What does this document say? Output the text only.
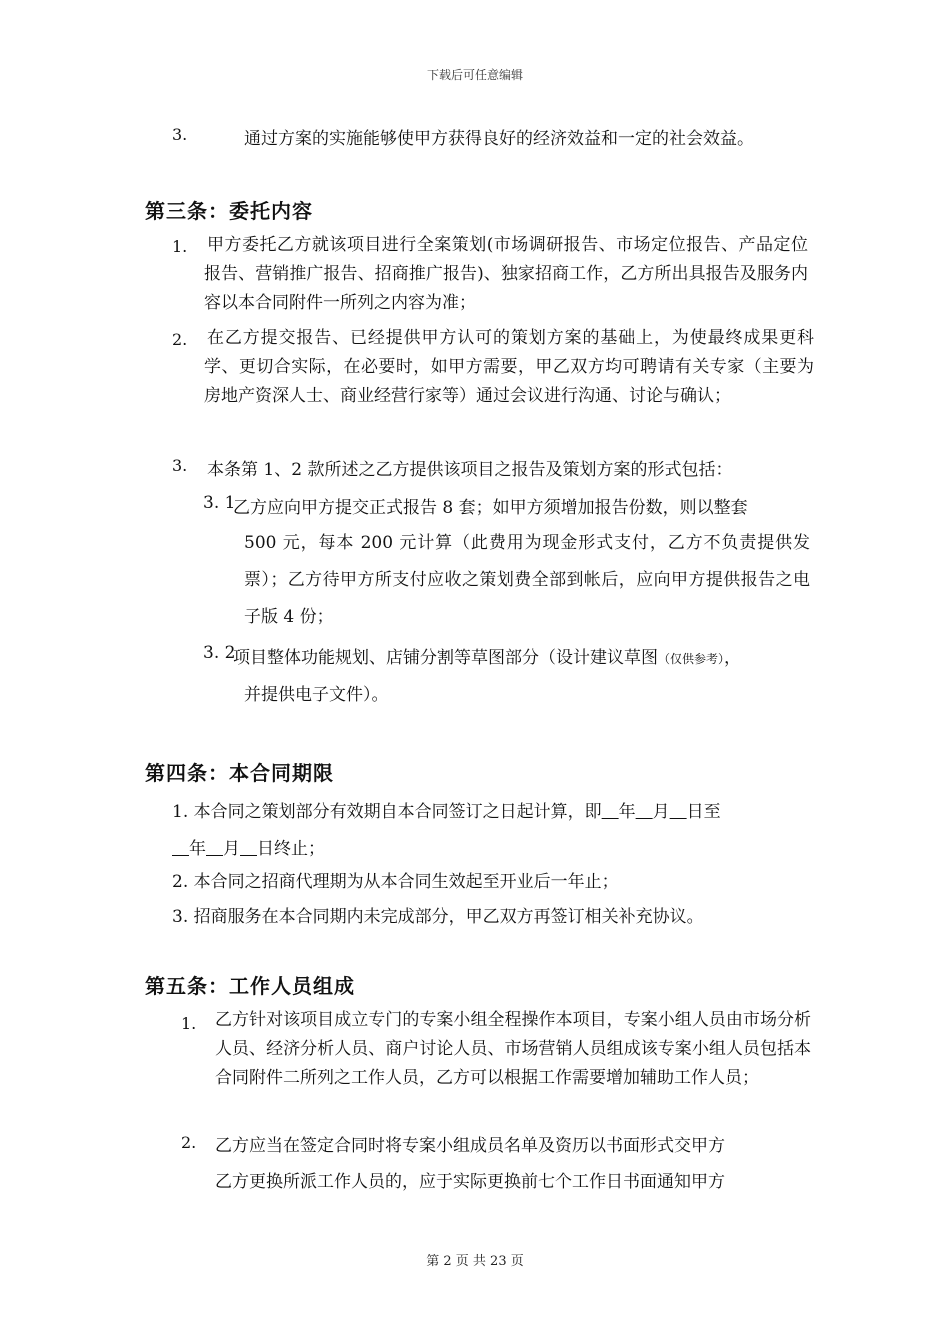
下载后可任意编辑
3.	通过方案的实施能够使甲方获得良好的经济效益和一定的社会效益。
第三条：委托内容
1. 甲方委托乙方就该项目进行全案策划(市场调研报告、市场定位报告、产品定位报告、营销推广报告、招商推广报告)、独家招商工作，乙方所出具报告及服务内容以本合同附件一所列之内容为准；
2. 在乙方提交报告、已经提供甲方认可的策划方案的基础上，为使最终成果更科学、更切合实际，在必要时，如甲方需要，甲乙双方均可聘请有关专家（主要为房地产资深人士、商业经营行家等）通过会议进行沟通、讨论与确认；
3. 本条第 1、2 款所述之乙方提供该项目之报告及策划方案的形式包括：
3. 1
乙方应向甲方提交正式报告 8 套；如甲方须增加报告份数，则以整套
500 元，每本 200 元计算（此费用为现金形式支付，乙方不负责提供发票）；乙方待甲方所支付应收之策划费全部到帐后，应向甲方提供报告之电子版 4 份；
3. 2
项目整体功能规划、店铺分割等草图部分（设计建议草图（仅供参考），
并提供电子文件）。
第四条：本合同期限
1. 本合同之策划部分有效期自本合同签订之日起计算，即   年   月   日至
  年   月   日终止；
2. 本合同之招商代理期为从本合同生效起至开业后一年止；
3. 招商服务在本合同期内未完成部分，甲乙双方再签订相关补充协议。
第五条：工作人员组成
1. 乙方针对该项目成立专门的专案小组全程操作本项目，专案小组人员由市场分析人员、经济分析人员、商户讨论人员、市场营销人员组成该专案小组人员包括本合同附件二所列之工作人员，乙方可以根据工作需要增加辅助工作人员；
2. 乙方应当在签定合同时将专案小组成员名单及资历以书面形式交甲方
乙方更换所派工作人员的，应于实际更换前七个工作日书面通知甲方
第 2 页 共 23 页
